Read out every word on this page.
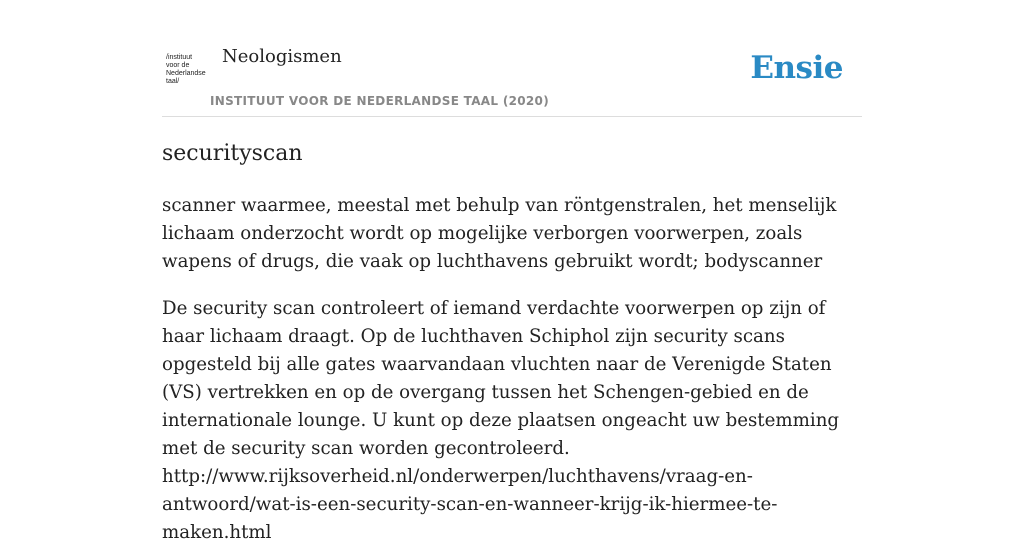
/instituut
voor de
Nederlandse
taal/
Neologismen
INSTITUUT VOOR DE NEDERLANDSE TAAL (2020)
Ensie
securityscan

scanner waarmee, meestal met behulp van röntgenstralen, het menselijk lichaam onderzocht wordt op mogelijke verborgen voorwerpen, zoals wapens of drugs, die vaak op luchthavens gebruikt wordt; bodyscanner

De security scan controleert of iemand verdachte voorwerpen op zijn of haar lichaam draagt. Op de luchthaven Schiphol zijn security scans opgesteld bij alle gates waarvandaan vluchten naar de Verenigde Staten (VS) vertrekken en op de overgang tussen het Schengen-gebied en de internationale lounge. U kunt op deze plaatsen ongeacht uw bestemming met de security scan worden gecontroleerd. http://www.rijksoverheid.nl/onderwerpen/luchthavens/vraag-en-antwoord/wat-is-een-security-scan-en-wanneer-krijg-ik-hiermee-te-maken.html
